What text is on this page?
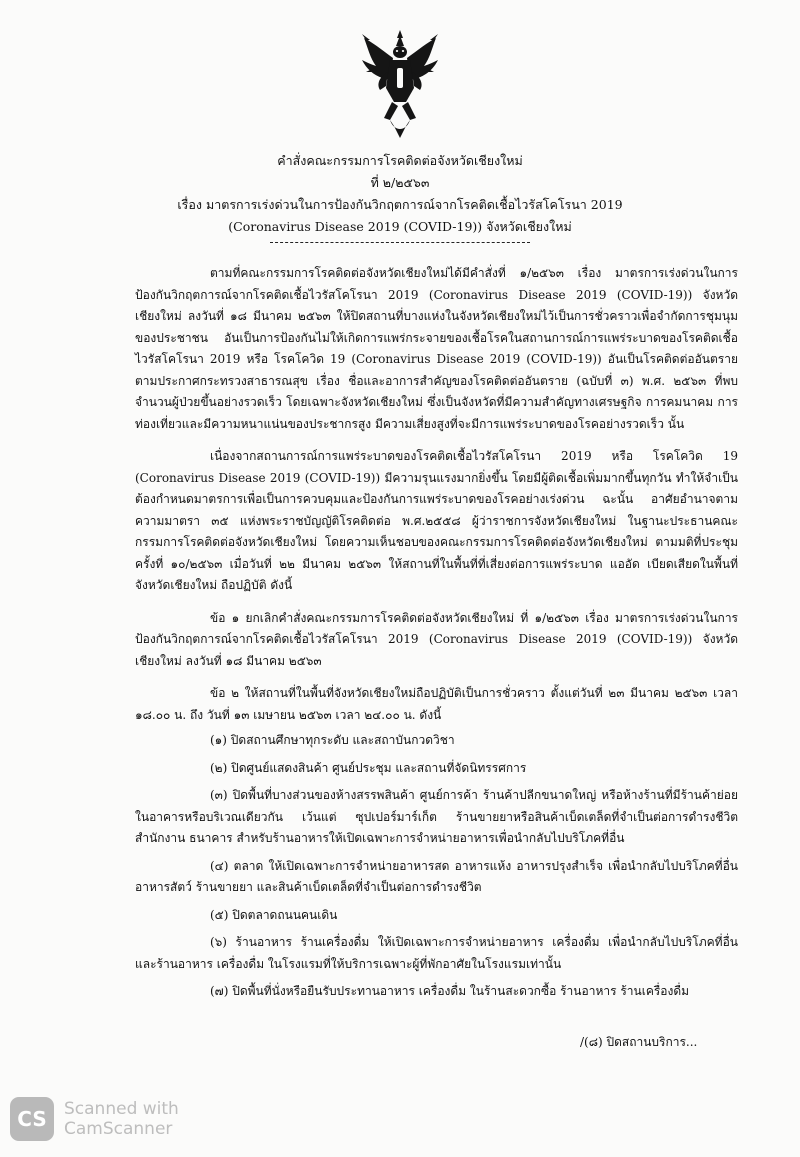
คำสั่งคณะกรรมการโรคติดต่อจังหวัดเชียงใหม่
ที่ ๒/๒๕๖๓
เรื่อง มาตรการเร่งด่วนในการป้องกันวิกฤตการณ์จากโรคติดเชื้อไวรัสโคโรนา 2019
(Coronavirus Disease 2019 (COVID-19)) จังหวัดเชียงใหม่

ตามที่คณะกรรมการโรคติดต่อจังหวัดเชียงใหม่ได้มีคำสั่งที่ ๑/๒๕๖๓ เรื่อง มาตรการเร่งด่วนในการป้องกันวิกฤตการณ์จากโรคติดเชื้อไวรัสโคโรนา 2019 (Coronavirus Disease 2019 (COVID-19)) จังหวัดเชียงใหม่ ลงวันที่ ๑๘ มีนาคม ๒๕๖๓ ให้ปิดสถานที่บางแห่งในจังหวัดเชียงใหม่ไว้เป็นการชั่วคราวเพื่อจำกัดการชุมนุมของประชาชน อันเป็นการป้องกันไม่ให้เกิดการแพร่กระจายของเชื้อโรคในสถานการณ์การแพร่ระบาดของโรคติดเชื้อไวรัสโคโรนา 2019 หรือ โรคโควิด 19 (Coronavirus Disease 2019 (COVID-19)) อันเป็นโรคติดต่ออันตรายตามประกาศกระทรวงสาธารณสุข เรื่อง ชื่อและอาการสำคัญของโรคติดต่ออันตราย (ฉบับที่ ๓) พ.ศ. ๒๕๖๓ ที่พบจำนวนผู้ป่วยขึ้นอย่างรวดเร็ว โดยเฉพาะจังหวัดเชียงใหม่ ซึ่งเป็นจังหวัดที่มีความสำคัญทางเศรษฐกิจ การคมนาคม การท่องเที่ยวและมีความหนาแน่นของประชากรสูง มีความเสี่ยงสูงที่จะมีการแพร่ระบาดของโรคอย่างรวดเร็ว นั้น

เนื่องจากสถานการณ์การแพร่ระบาดของโรคติดเชื้อไวรัสโคโรนา 2019 หรือ โรคโควิด 19 (Coronavirus Disease 2019 (COVID-19)) มีความรุนแรงมากยิ่งขึ้น โดยมีผู้ติดเชื้อเพิ่มมากขึ้นทุกวัน ทำให้จำเป็นต้องกำหนดมาตรการเพื่อเป็นการควบคุมและป้องกันการแพร่ระบาดของโรคอย่างเร่งด่วน ฉะนั้น อาศัยอำนาจตามความมาตรา ๓๕ แห่งพระราชบัญญัติโรคติดต่อ พ.ศ.๒๕๕๘ ผู้ว่าราชการจังหวัดเชียงใหม่ ในฐานะประธานคณะกรรมการโรคติดต่อจังหวัดเชียงใหม่ โดยความเห็นชอบของคณะกรรมการโรคติดต่อจังหวัดเชียงใหม่ ตามมติที่ประชุมครั้งที่ ๑๐/๒๕๖๓ เมื่อวันที่ ๒๒ มีนาคม ๒๕๖๓ ให้สถานที่ในพื้นที่ที่เสี่ยงต่อการแพร่ระบาด แออัด เบียดเสียดในพื้นที่จังหวัดเชียงใหม่ ถือปฏิบัติ ดังนี้

ข้อ ๑ ยกเลิกคำสั่งคณะกรรมการโรคติดต่อจังหวัดเชียงใหม่ ที่ ๑/๒๕๖๓ เรื่อง มาตรการเร่งด่วนในการป้องกันวิกฤตการณ์จากโรคติดเชื้อไวรัสโคโรนา 2019 (Coronavirus Disease 2019 (COVID-19)) จังหวัดเชียงใหม่ ลงวันที่ ๑๘ มีนาคม ๒๕๖๓

ข้อ ๒ ให้สถานที่ในพื้นที่จังหวัดเชียงใหม่ถือปฏิบัติเป็นการชั่วคราว ตั้งแต่วันที่ ๒๓ มีนาคม ๒๕๖๓ เวลา ๑๘.๐๐ น. ถึง วันที่ ๑๓ เมษายน ๒๕๖๓ เวลา ๒๔.๐๐ น. ดังนี้

(๑) ปิดสถานศึกษาทุกระดับ และสถาบันกวดวิชา

(๒) ปิดศูนย์แสดงสินค้า ศูนย์ประชุม และสถานที่จัดนิทรรศการ

(๓) ปิดพื้นที่บางส่วนของห้างสรรพสินค้า ศูนย์การค้า ร้านค้าปลีกขนาดใหญ่ หรือห้างร้านที่มีร้านค้าย่อยในอาคารหรือบริเวณเดียวกัน เว้นแต่ ซุปเปอร์มาร์เก็ต ร้านขายยาหรือสินค้าเบ็ดเตล็ดที่จำเป็นต่อการดำรงชีวิต สำนักงาน ธนาคาร สำหรับร้านอาหารให้เปิดเฉพาะการจำหน่ายอาหารเพื่อนำกลับไปบริโภคที่อื่น

(๔) ตลาด ให้เปิดเฉพาะการจำหน่ายอาหารสด อาหารแห้ง อาหารปรุงสำเร็จ เพื่อนำกลับไปบริโภคที่อื่น อาหารสัตว์ ร้านขายยา และสินค้าเบ็ดเตล็ดที่จำเป็นต่อการดำรงชีวิต

(๕) ปิดตลาดถนนคนเดิน

(๖) ร้านอาหาร ร้านเครื่องดื่ม ให้เปิดเฉพาะการจำหน่ายอาหาร เครื่องดื่ม เพื่อนำกลับไปบริโภคที่อื่น และร้านอาหาร เครื่องดื่ม ในโรงแรมที่ให้บริการเฉพาะผู้ที่พักอาศัยในโรงแรมเท่านั้น

(๗) ปิดพื้นที่นั่งหรือยืนรับประทานอาหาร เครื่องดื่ม ในร้านสะดวกซื้อ ร้านอาหาร ร้านเครื่องดื่ม

/(๘) ปิดสถานบริการ...
CS	Scanned with
CamScanner
